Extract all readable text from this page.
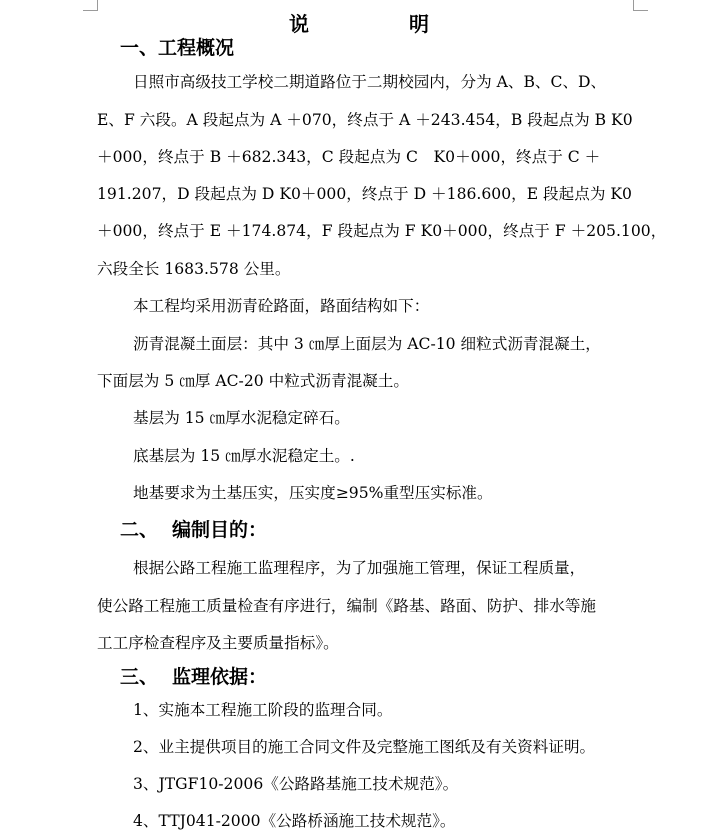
说　明
一、工程概况
日照市高级技工学校二期道路位于二期校园内，分为 A、B、C、D、
E、F 六段。A 段起点为 A ＋070，终点于 A ＋243.454，B 段起点为 B K0
＋000，终点于 B ＋682.343，C 段起点为 C　K0＋000，终点于 C ＋
191.207，D 段起点为 D K0＋000，终点于 D ＋186.600，E 段起点为 K0
＋000，终点于 E ＋174.874，F 段起点为 F K0＋000，终点于 F ＋205.100，
六段全长 1683.578 公里。
本工程均采用沥青砼路面，路面结构如下：
沥青混凝土面层：其中 3 ㎝厚上面层为 AC-10 细粒式沥青混凝土，
下面层为 5 ㎝厚 AC-20 中粒式沥青混凝土。
基层为 15 ㎝厚水泥稳定碎石。
底基层为 15 ㎝厚水泥稳定土。.
地基要求为土基压实，压实度≥95%重型压实标准。
二、 编制目的：
根据公路工程施工监理程序，为了加强施工管理，保证工程质量，
使公路工程施工质量检查有序进行，编制《路基、路面、防护、排水等施
工工序检查程序及主要质量指标》。
三、 监理依据：
1、实施本工程施工阶段的监理合同。
2、业主提供项目的施工合同文件及完整施工图纸及有关资料证明。
3、JTGF10-2006《公路路基施工技术规范》。
4、TTJ041-2000《公路桥涵施工技术规范》。
